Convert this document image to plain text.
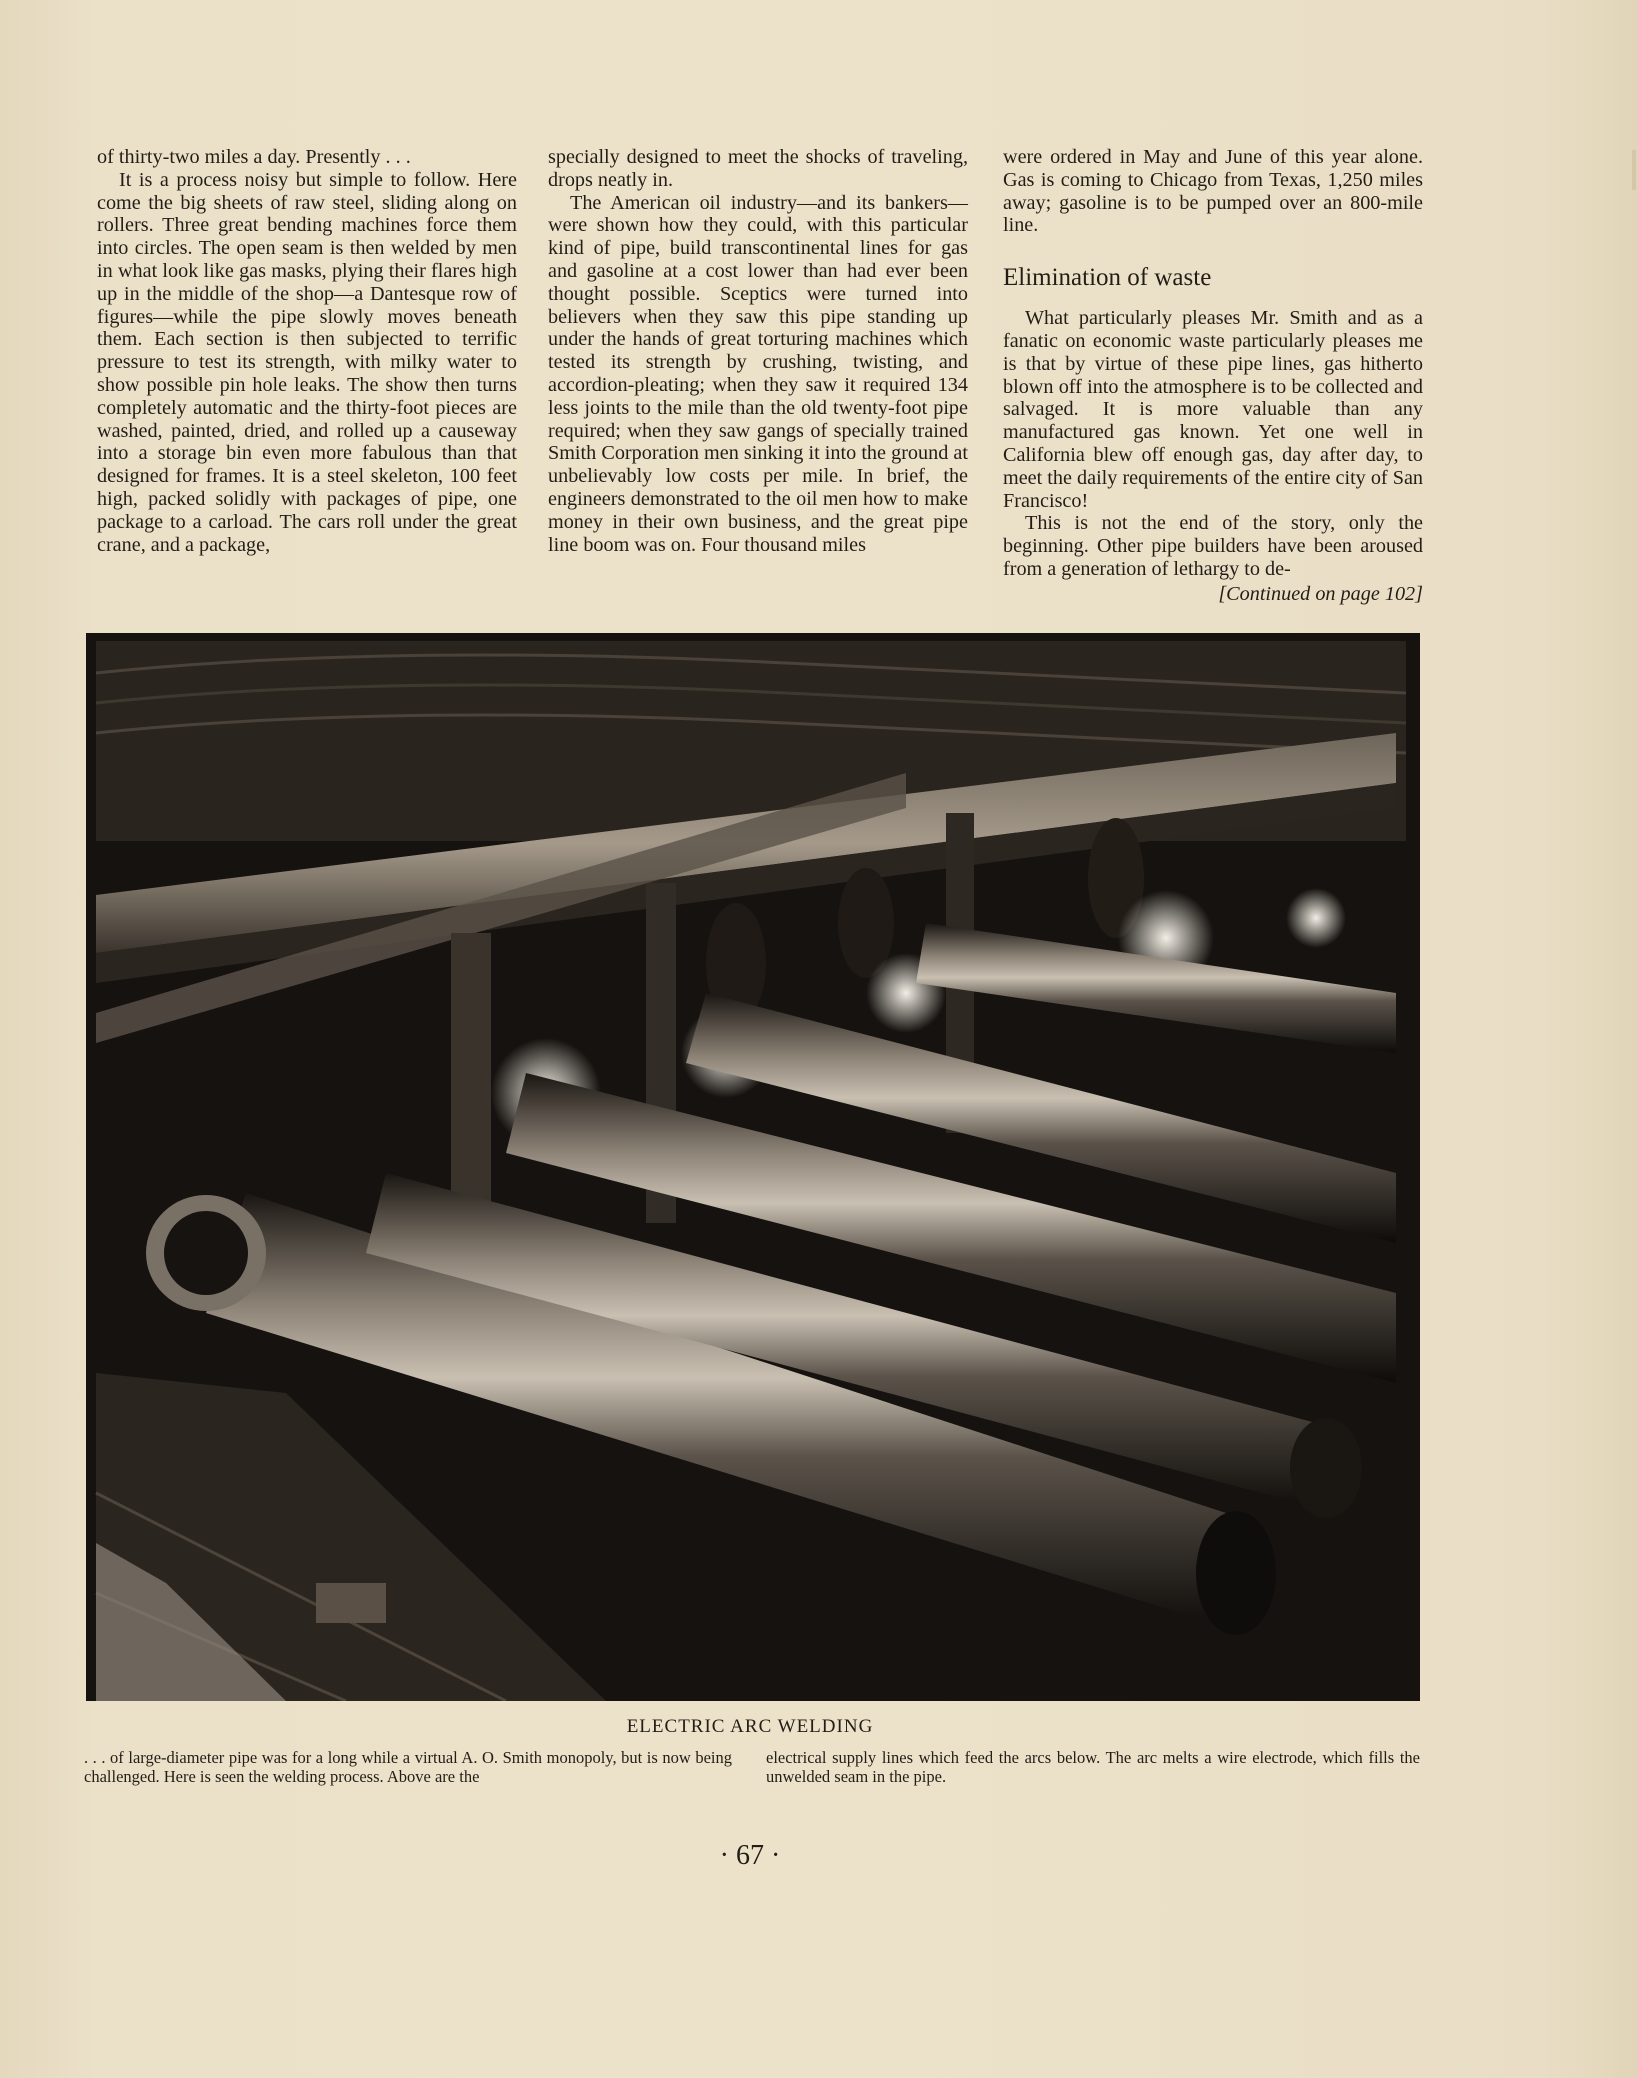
of thirty-two miles a day. Presently . . .

It is a process noisy but simple to follow. Here come the big sheets of raw steel, sliding along on rollers. Three great bending machines force them into circles. The open seam is then welded by men in what look like gas masks, plying their flares high up in the middle of the shop—a Dantesque row of figures—while the pipe slowly moves beneath them. Each section is then subjected to terrific pressure to test its strength, with milky water to show possible pin hole leaks. The show then turns completely automatic and the thirty-foot pieces are washed, painted, dried, and rolled up a causeway into a storage bin even more fabulous than that designed for frames. It is a steel skeleton, 100 feet high, packed solidly with packages of pipe, one package to a carload. The cars roll under the great crane, and a package,

specially designed to meet the shocks of traveling, drops neatly in.

The American oil industry—and its bankers—were shown how they could, with this particular kind of pipe, build transcontinental lines for gas and gasoline at a cost lower than had ever been thought possible. Sceptics were turned into believers when they saw this pipe standing up under the hands of great torturing machines which tested its strength by crushing, twisting, and accordion-pleating; when they saw it required 134 less joints to the mile than the old twenty-foot pipe required; when they saw gangs of specially trained Smith Corporation men sinking it into the ground at unbelievably low costs per mile. In brief, the engineers demonstrated to the oil men how to make money in their own business, and the great pipe line boom was on. Four thousand miles

were ordered in May and June of this year alone. Gas is coming to Chicago from Texas, 1,250 miles away; gasoline is to be pumped over an 800-mile line.

Elimination of waste

What particularly pleases Mr. Smith and as a fanatic on economic waste particularly pleases me is that by virtue of these pipe lines, gas hitherto blown off into the atmosphere is to be collected and salvaged. It is more valuable than any manufactured gas known. Yet one well in California blew off enough gas, day after day, to meet the daily requirements of the entire city of San Francisco!

This is not the end of the story, only the beginning. Other pipe builders have been aroused from a generation of lethargy to de-

[Continued on page 102]

ELECTRIC ARC WELDING
. . . of large-diameter pipe was for a long while a virtual A. O. Smith monopoly, but is now being challenged. Here is seen the welding process. Above are the
electrical supply lines which feed the arcs below. The arc melts a wire electrode, which fills the unwelded seam in the pipe.
· 67 ·
